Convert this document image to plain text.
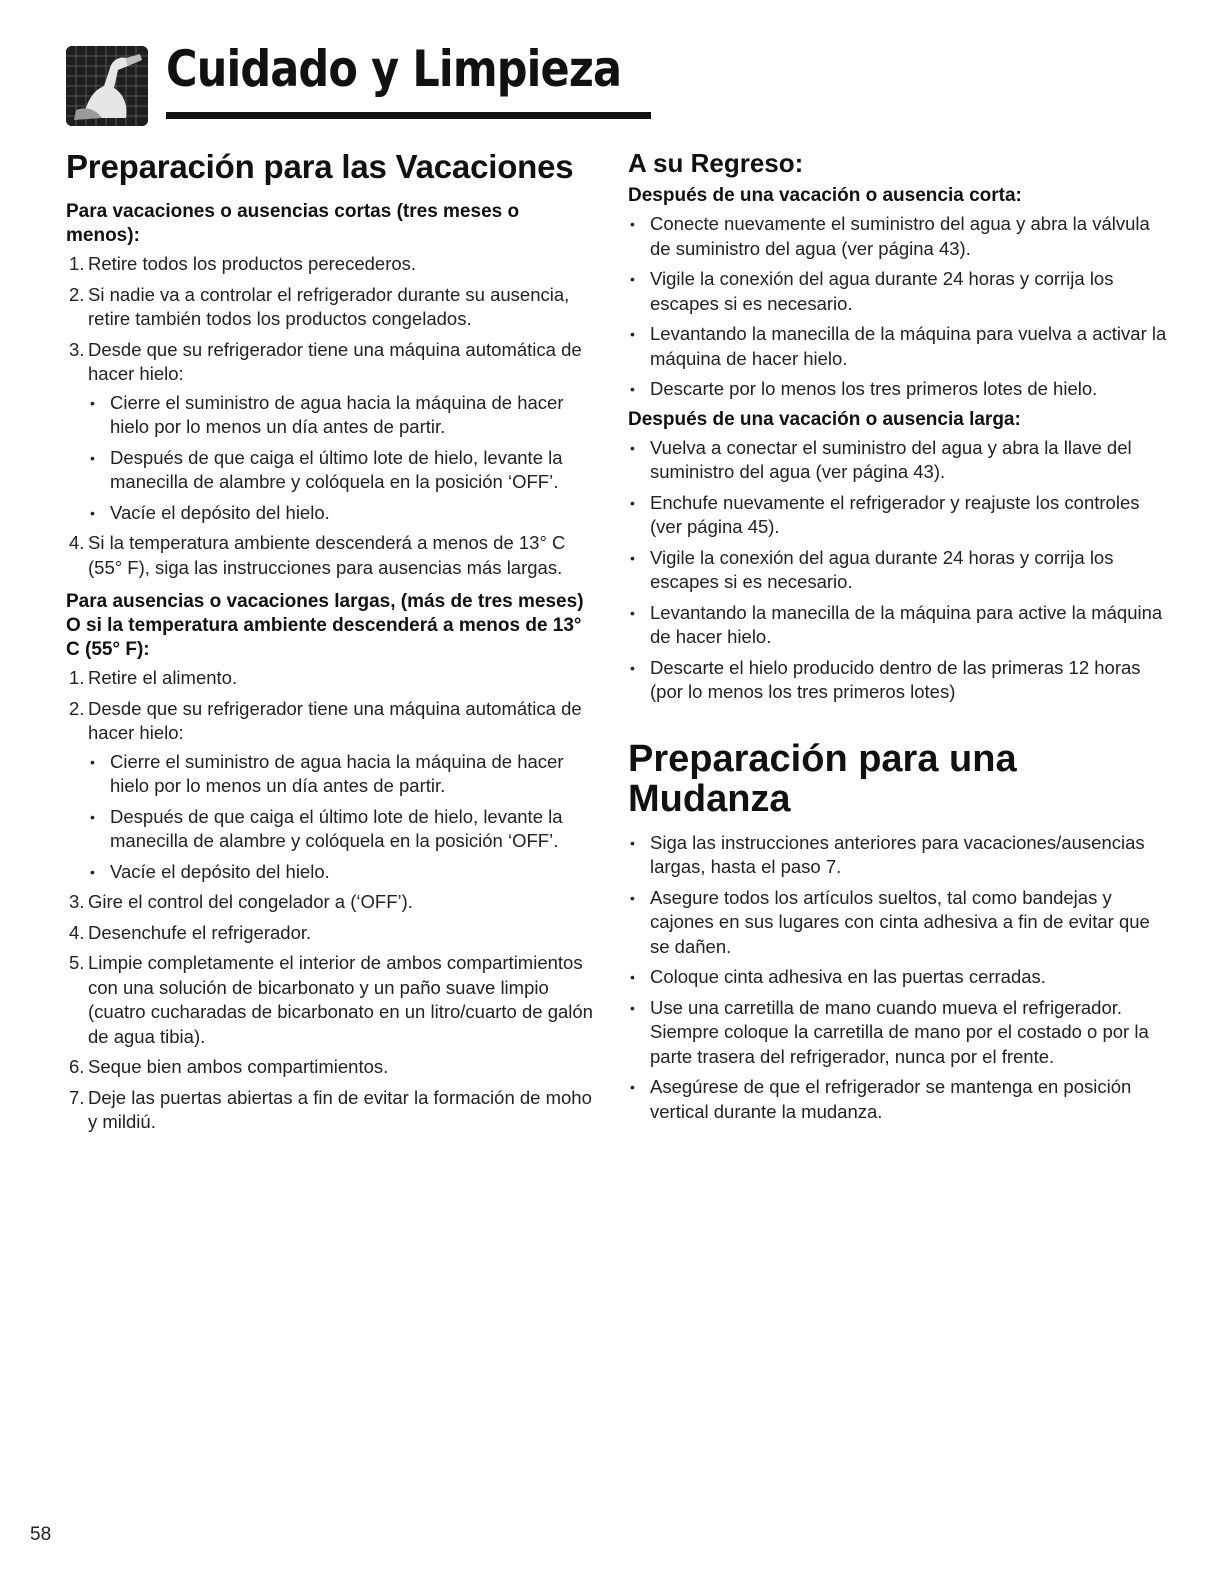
Cuidado y Limpieza
Preparación para las Vacaciones
Para vacaciones o ausencias cortas (tres meses o menos):
1. Retire todos los productos perecederos.
2. Si nadie va a controlar el refrigerador durante su ausencia, retire también todos los productos congelados.
3. Desde que su refrigerador tiene una máquina automática de hacer hielo:
• Cierre el suministro de agua hacia la máquina de hacer hielo por lo menos un día antes de partir.
• Después de que caiga el último lote de hielo, levante la manecilla de alambre y colóquela en la posición ‘OFF’.
• Vacíe el depósito del hielo.
4. Si la temperatura ambiente descenderá a menos de 13° C (55° F), siga las instrucciones para ausencias más largas.
Para ausencias o vacaciones largas, (más de tres meses) O si la temperatura ambiente descenderá a menos de 13° C (55° F):
1. Retire el alimento.
2. Desde que su refrigerador tiene una máquina automática de hacer hielo:
• Cierre el suministro de agua hacia la máquina de hacer hielo por lo menos un día antes de partir.
• Después de que caiga el último lote de hielo, levante la manecilla de alambre y colóquela en la posición ‘OFF’.
• Vacíe el depósito del hielo.
3. Gire el control del congelador a (‘OFF’).
4. Desenchufe el refrigerador.
5. Limpie completamente el interior de ambos compartimientos con una solución de bicarbonato y un paño suave limpio (cuatro cucharadas de bicarbonato en un litro/cuarto de galón de agua tibia).
6. Seque bien ambos compartimientos.
7. Deje las puertas abiertas a fin de evitar la formación de moho y mildiú.
A su Regreso:
Después de una vacación o ausencia corta:
• Conecte nuevamente el suministro del agua y abra la válvula de suministro del agua (ver página 43).
• Vigile la conexión del agua durante 24 horas y corrija los escapes si es necesario.
• Levantando la manecilla de la máquina para vuelva a activar la máquina de hacer hielo.
• Descarte por lo menos los tres primeros lotes de hielo.
Después de una vacación o ausencia larga:
• Vuelva a conectar el suministro del agua y abra la llave del suministro del agua (ver página 43).
• Enchufe nuevamente el refrigerador y reajuste los controles (ver página 45).
• Vigile la conexión del agua durante 24 horas y corrija los escapes si es necesario.
• Levantando la manecilla de la máquina para active la máquina de hacer hielo.
• Descarte el hielo producido dentro de las primeras 12 horas (por lo menos los tres primeros lotes)
Preparación para una Mudanza
• Siga las instrucciones anteriores para vacaciones/ausencias largas, hasta el paso 7.
• Asegure todos los artículos sueltos, tal como bandejas y cajones en sus lugares con cinta adhesiva a fin de evitar que se dañen.
• Coloque cinta adhesiva en las puertas cerradas.
• Use una carretilla de mano cuando mueva el refrigerador. Siempre coloque la carretilla de mano por el costado o por la parte trasera del refrigerador, nunca por el frente.
• Asegúrese de que el refrigerador se mantenga en posición vertical durante la mudanza.
58
